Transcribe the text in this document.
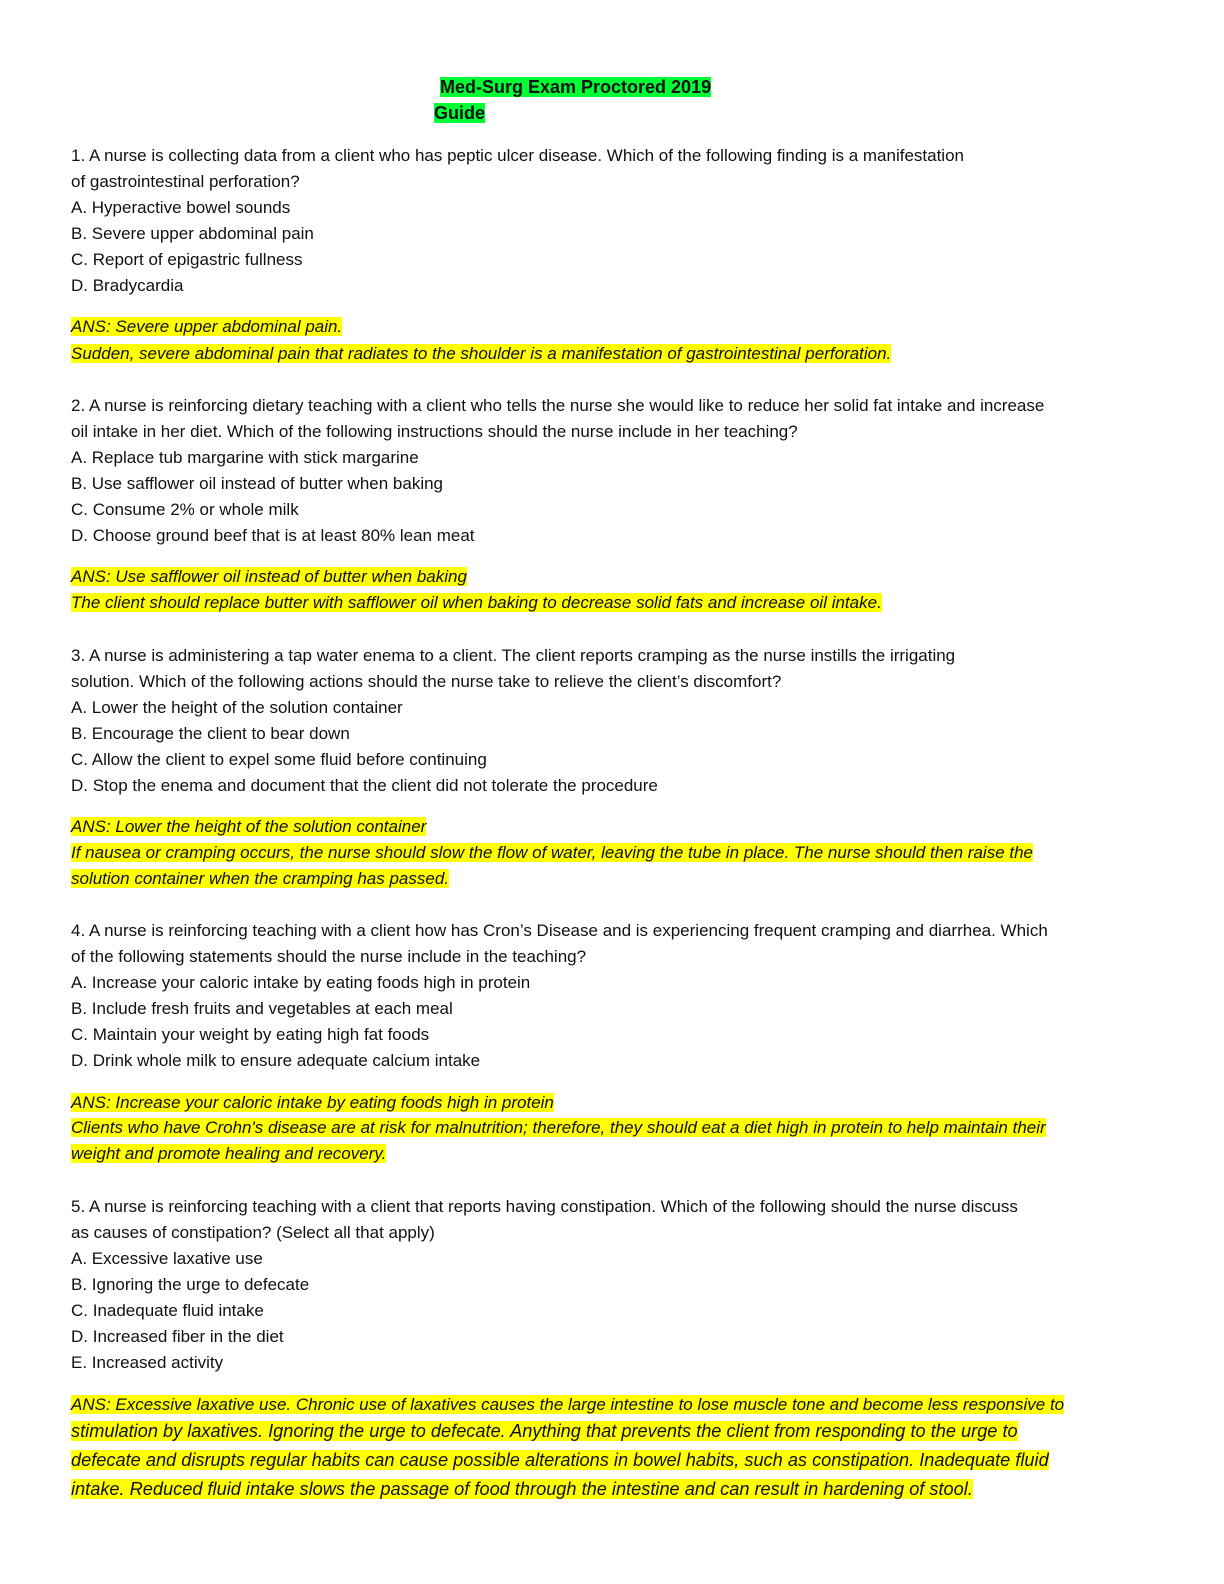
Med-Surg Exam Proctored 2019
Guide
1. A nurse is collecting data from a client who has peptic ulcer disease. Which of the following finding is a manifestation
of gastrointestinal perforation?
A. Hyperactive bowel sounds
B. Severe upper abdominal pain
C. Report of epigastric fullness
D. Bradycardia
ANS: Severe upper abdominal pain.
Sudden, severe abdominal pain that radiates to the shoulder is a manifestation of gastrointestinal perforation.
2. A nurse is reinforcing dietary teaching with a client who tells the nurse she would like to reduce her solid fat intake and increase
oil intake in her diet. Which of the following instructions should the nurse include in her teaching?
A. Replace tub margarine with stick margarine
B. Use safflower oil instead of butter when baking
C. Consume 2% or whole milk
D. Choose ground beef that is at least 80% lean meat
ANS: Use safflower oil instead of butter when baking
The client should replace butter with safflower oil when baking to decrease solid fats and increase oil intake.
3. A nurse is administering a tap water enema to a client. The client reports cramping as the nurse instills the irrigating
solution. Which of the following actions should the nurse take to relieve the client’s discomfort?
A. Lower the height of the solution container
B. Encourage the client to bear down
C. Allow the client to expel some fluid before continuing
D. Stop the enema and document that the client did not tolerate the procedure
ANS: Lower the height of the solution container
If nausea or cramping occurs, the nurse should slow the flow of water, leaving the tube in place. The nurse should then raise the
solution container when the cramping has passed.
4. A nurse is reinforcing teaching with a client how has Cron’s Disease and is experiencing frequent cramping and diarrhea. Which
of the following statements should the nurse include in the teaching?
A. Increase your caloric intake by eating foods high in protein
B. Include fresh fruits and vegetables at each meal
C. Maintain your weight by eating high fat foods
D. Drink whole milk to ensure adequate calcium intake
ANS: Increase your caloric intake by eating foods high in protein
Clients who have Crohn's disease are at risk for malnutrition; therefore, they should eat a diet high in protein to help maintain their
weight and promote healing and recovery.
5. A nurse is reinforcing teaching with a client that reports having constipation. Which of the following should the nurse discuss
as causes of constipation? (Select all that apply)
A. Excessive laxative use
B. Ignoring the urge to defecate
C. Inadequate fluid intake
D. Increased fiber in the diet
E. Increased activity
ANS: Excessive laxative use. Chronic use of laxatives causes the large intestine to lose muscle tone and become less responsive to
stimulation by laxatives. Ignoring the urge to defecate. Anything that prevents the client from responding to the urge to
defecate and disrupts regular habits can cause possible alterations in bowel habits, such as constipation. Inadequate fluid
intake. Reduced fluid intake slows the passage of food through the intestine and can result in hardening of stool.
